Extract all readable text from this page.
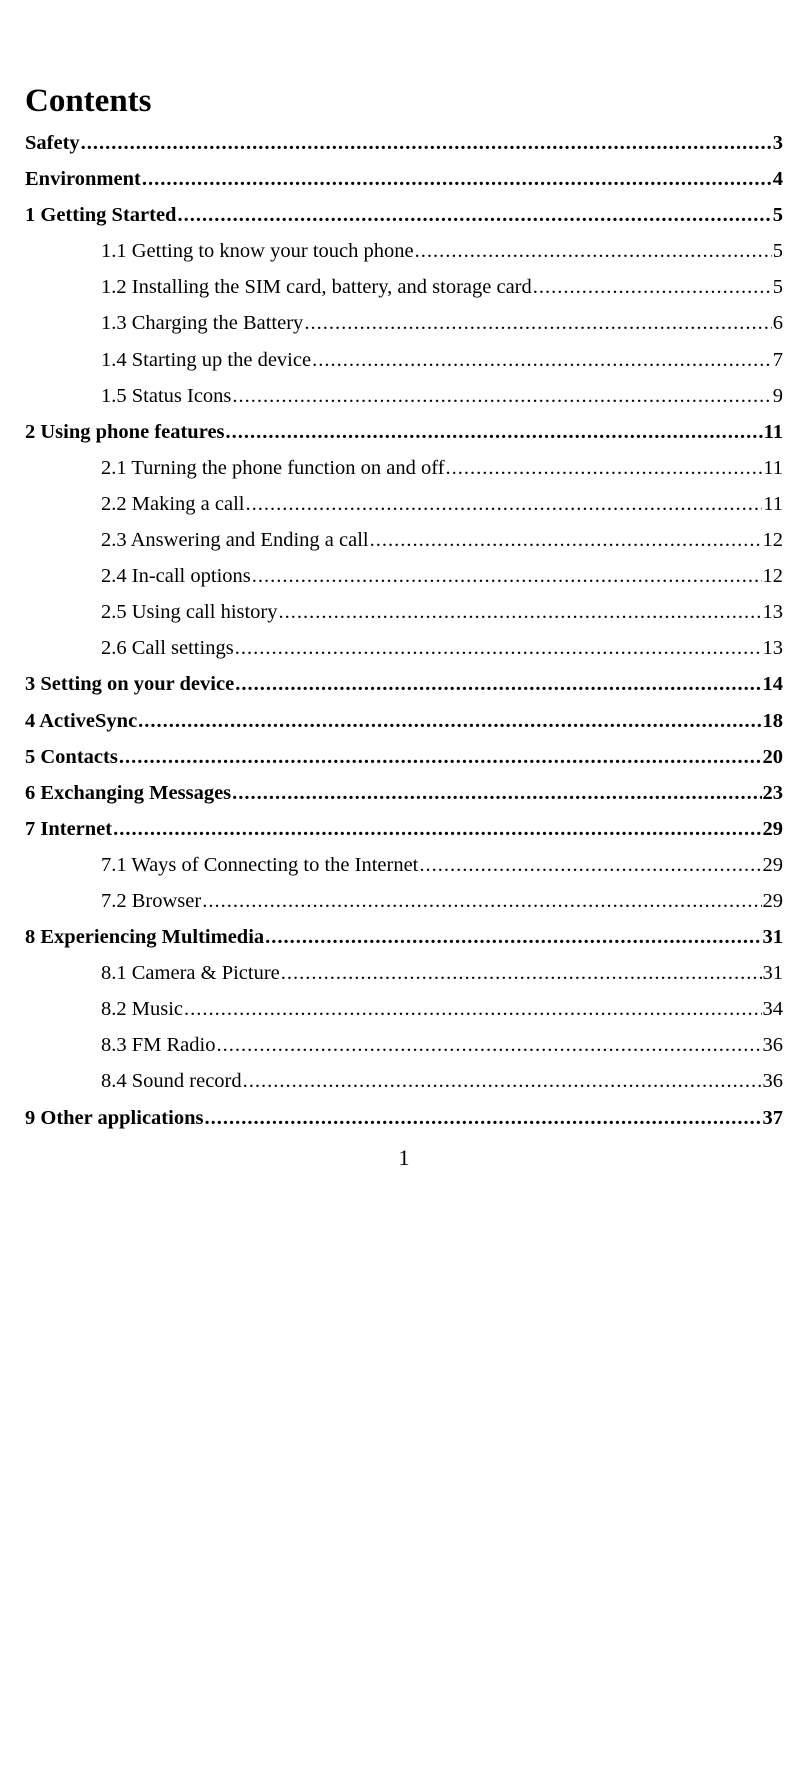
Contents
Safety .....	3
Environment .....	4
1 Getting Started .....	5
1.1 Getting to know your touch phone .....	5
1.2 Installing the SIM card, battery, and storage card .....	5
1.3 Charging the Battery .....	6
1.4 Starting up the device .....	7
1.5 Status Icons .....	9
2 Using phone features .....	11
2.1 Turning the phone function on and off .....	11
2.2 Making a call .....	11
2.3 Answering and Ending a call .....	12
2.4 In-call options .....	12
2.5 Using call history .....	13
2.6 Call settings .....	13
3 Setting on your device .....	14
4 ActiveSync .....	18
5 Contacts .....	20
6 Exchanging Messages .....	23
7 Internet .....	29
7.1 Ways of Connecting to the Internet .....	29
7.2 Browser .....	29
8 Experiencing Multimedia .....	31
8.1 Camera & Picture .....	31
8.2 Music .....	34
8.3 FM Radio .....	36
8.4 Sound record .....	36
9 Other applications .....	37
1
